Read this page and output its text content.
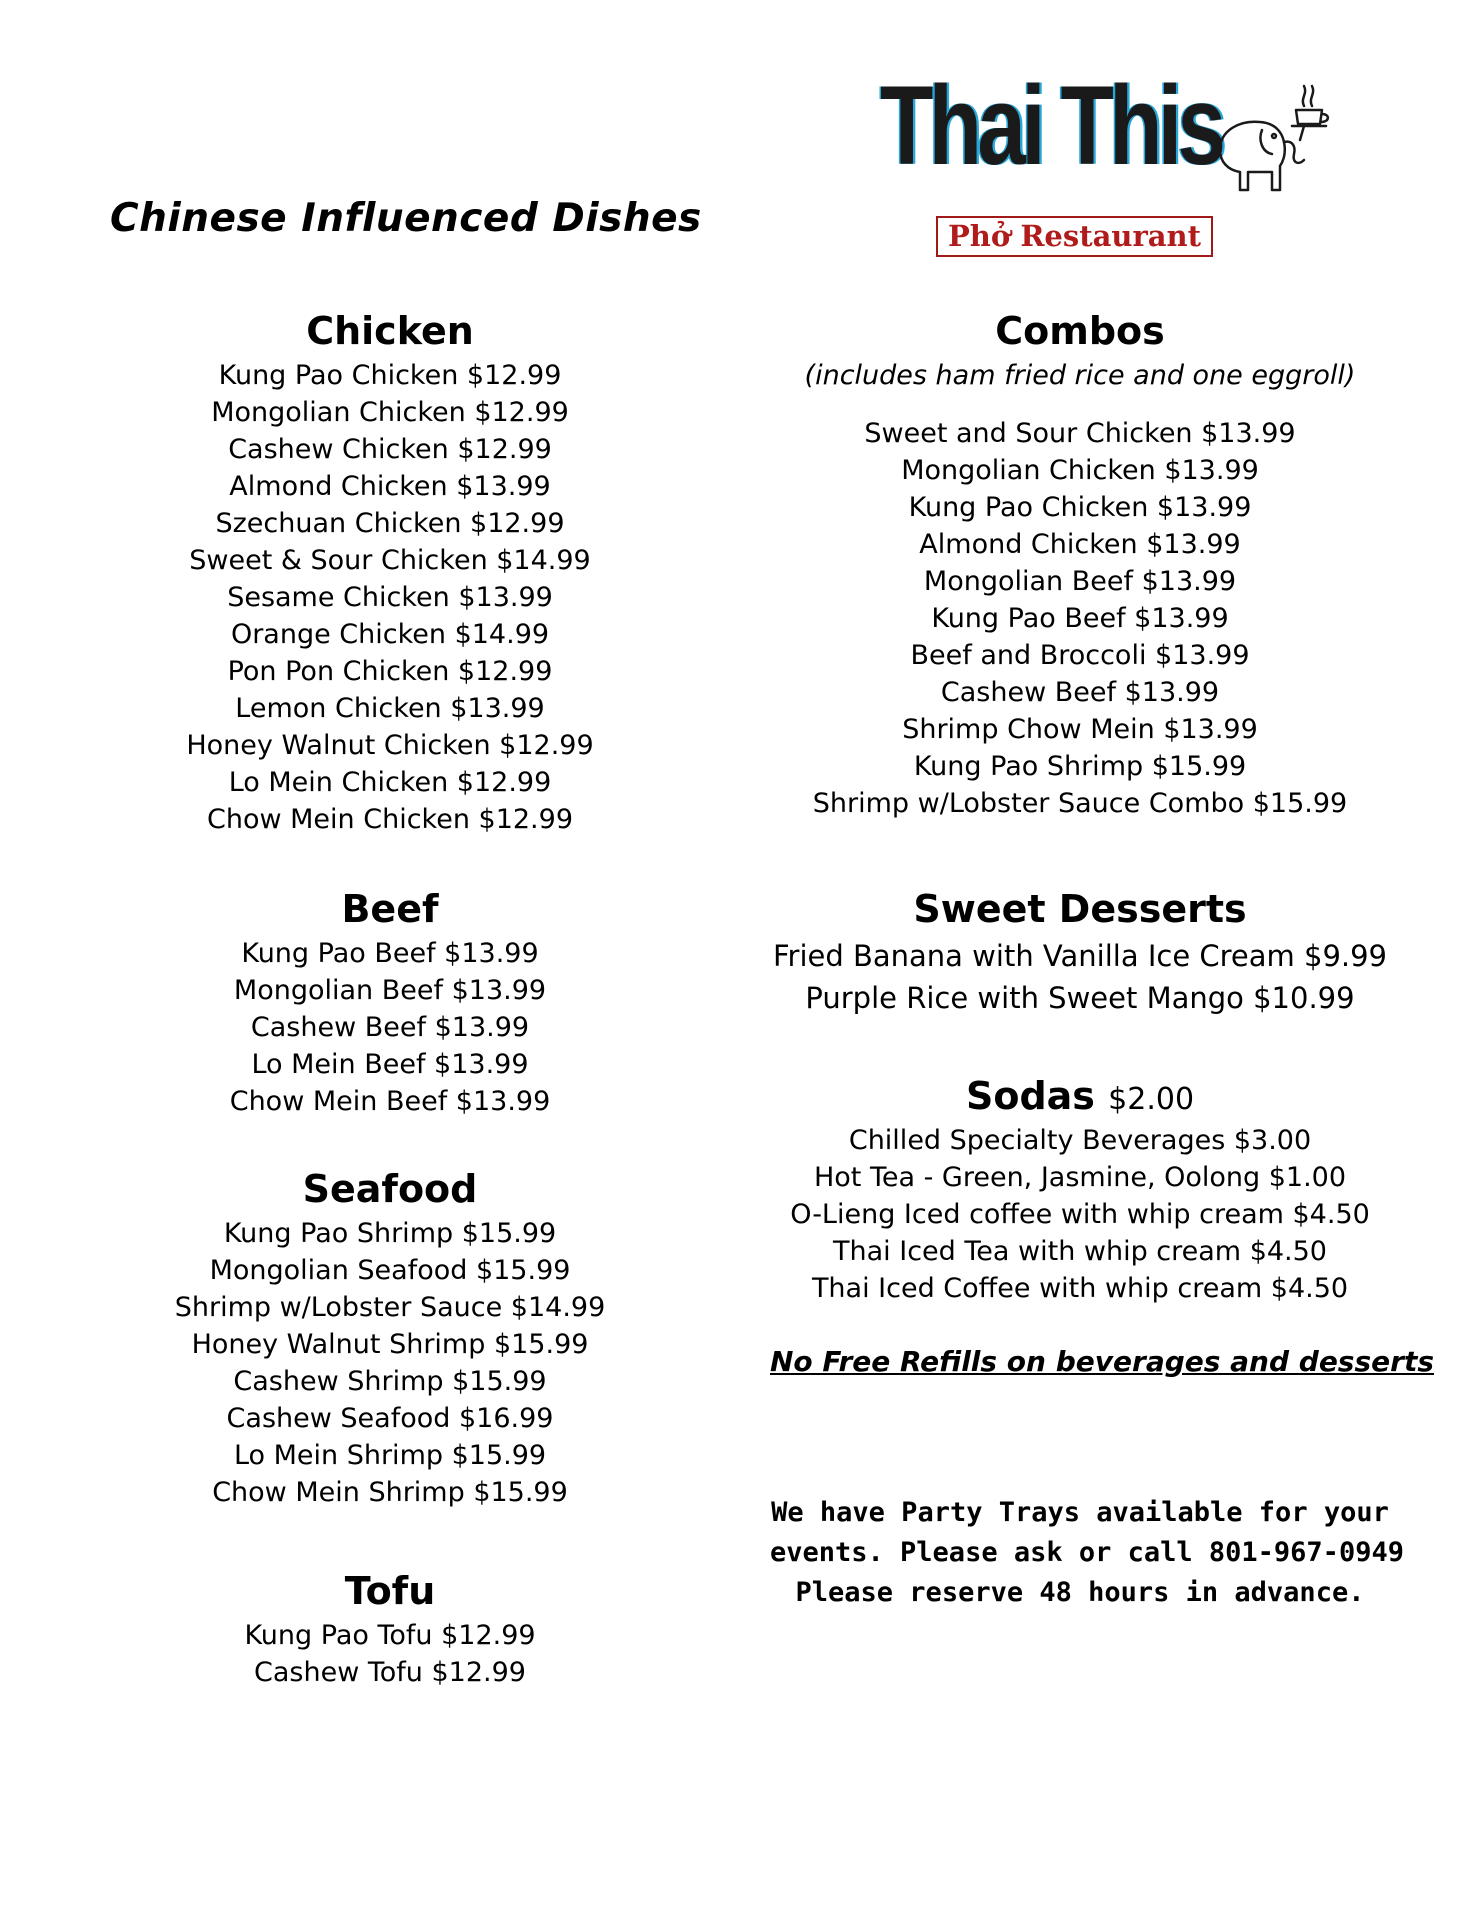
Chinese Influenced Dishes
Thai This
Phở Restaurant
Chicken
Kung Pao Chicken $12.99
Mongolian Chicken $12.99
Cashew Chicken $12.99
Almond Chicken $13.99
Szechuan Chicken $12.99
Sweet & Sour Chicken $14.99
Sesame Chicken $13.99
Orange Chicken $14.99
Pon Pon Chicken $12.99
Lemon Chicken $13.99
Honey Walnut Chicken $12.99
Lo Mein Chicken $12.99
Chow Mein Chicken $12.99
Beef
Kung Pao Beef $13.99
Mongolian Beef $13.99
Cashew Beef $13.99
Lo Mein Beef $13.99
Chow Mein Beef $13.99
Seafood
Kung Pao Shrimp $15.99
Mongolian Seafood $15.99
Shrimp w/Lobster Sauce $14.99
Honey Walnut Shrimp $15.99
Cashew Shrimp $15.99
Cashew Seafood $16.99
Lo Mein Shrimp $15.99
Chow Mein Shrimp $15.99
Tofu
Kung Pao Tofu $12.99
Cashew Tofu $12.99
Combos
(includes ham fried rice and one eggroll)
Sweet and Sour Chicken $13.99
Mongolian Chicken $13.99
Kung Pao Chicken $13.99
Almond Chicken $13.99
Mongolian Beef $13.99
Kung Pao Beef $13.99
Beef and Broccoli $13.99
Cashew Beef $13.99
Shrimp Chow Mein $13.99
Kung Pao Shrimp $15.99
Shrimp w/Lobster Sauce Combo $15.99
Sweet Desserts
Fried Banana with Vanilla Ice Cream $9.99
Purple Rice with Sweet Mango $10.99
Sodas $2.00
Chilled Specialty Beverages $3.00
Hot Tea - Green, Jasmine, Oolong $1.00
O-Lieng Iced coffee with whip cream $4.50
Thai Iced Tea with whip cream $4.50
Thai Iced Coffee with whip cream $4.50
No Free Refills on beverages and desserts
We have Party Trays available for your
events. Please ask or call 801-967-0949
Please reserve 48 hours in advance.
